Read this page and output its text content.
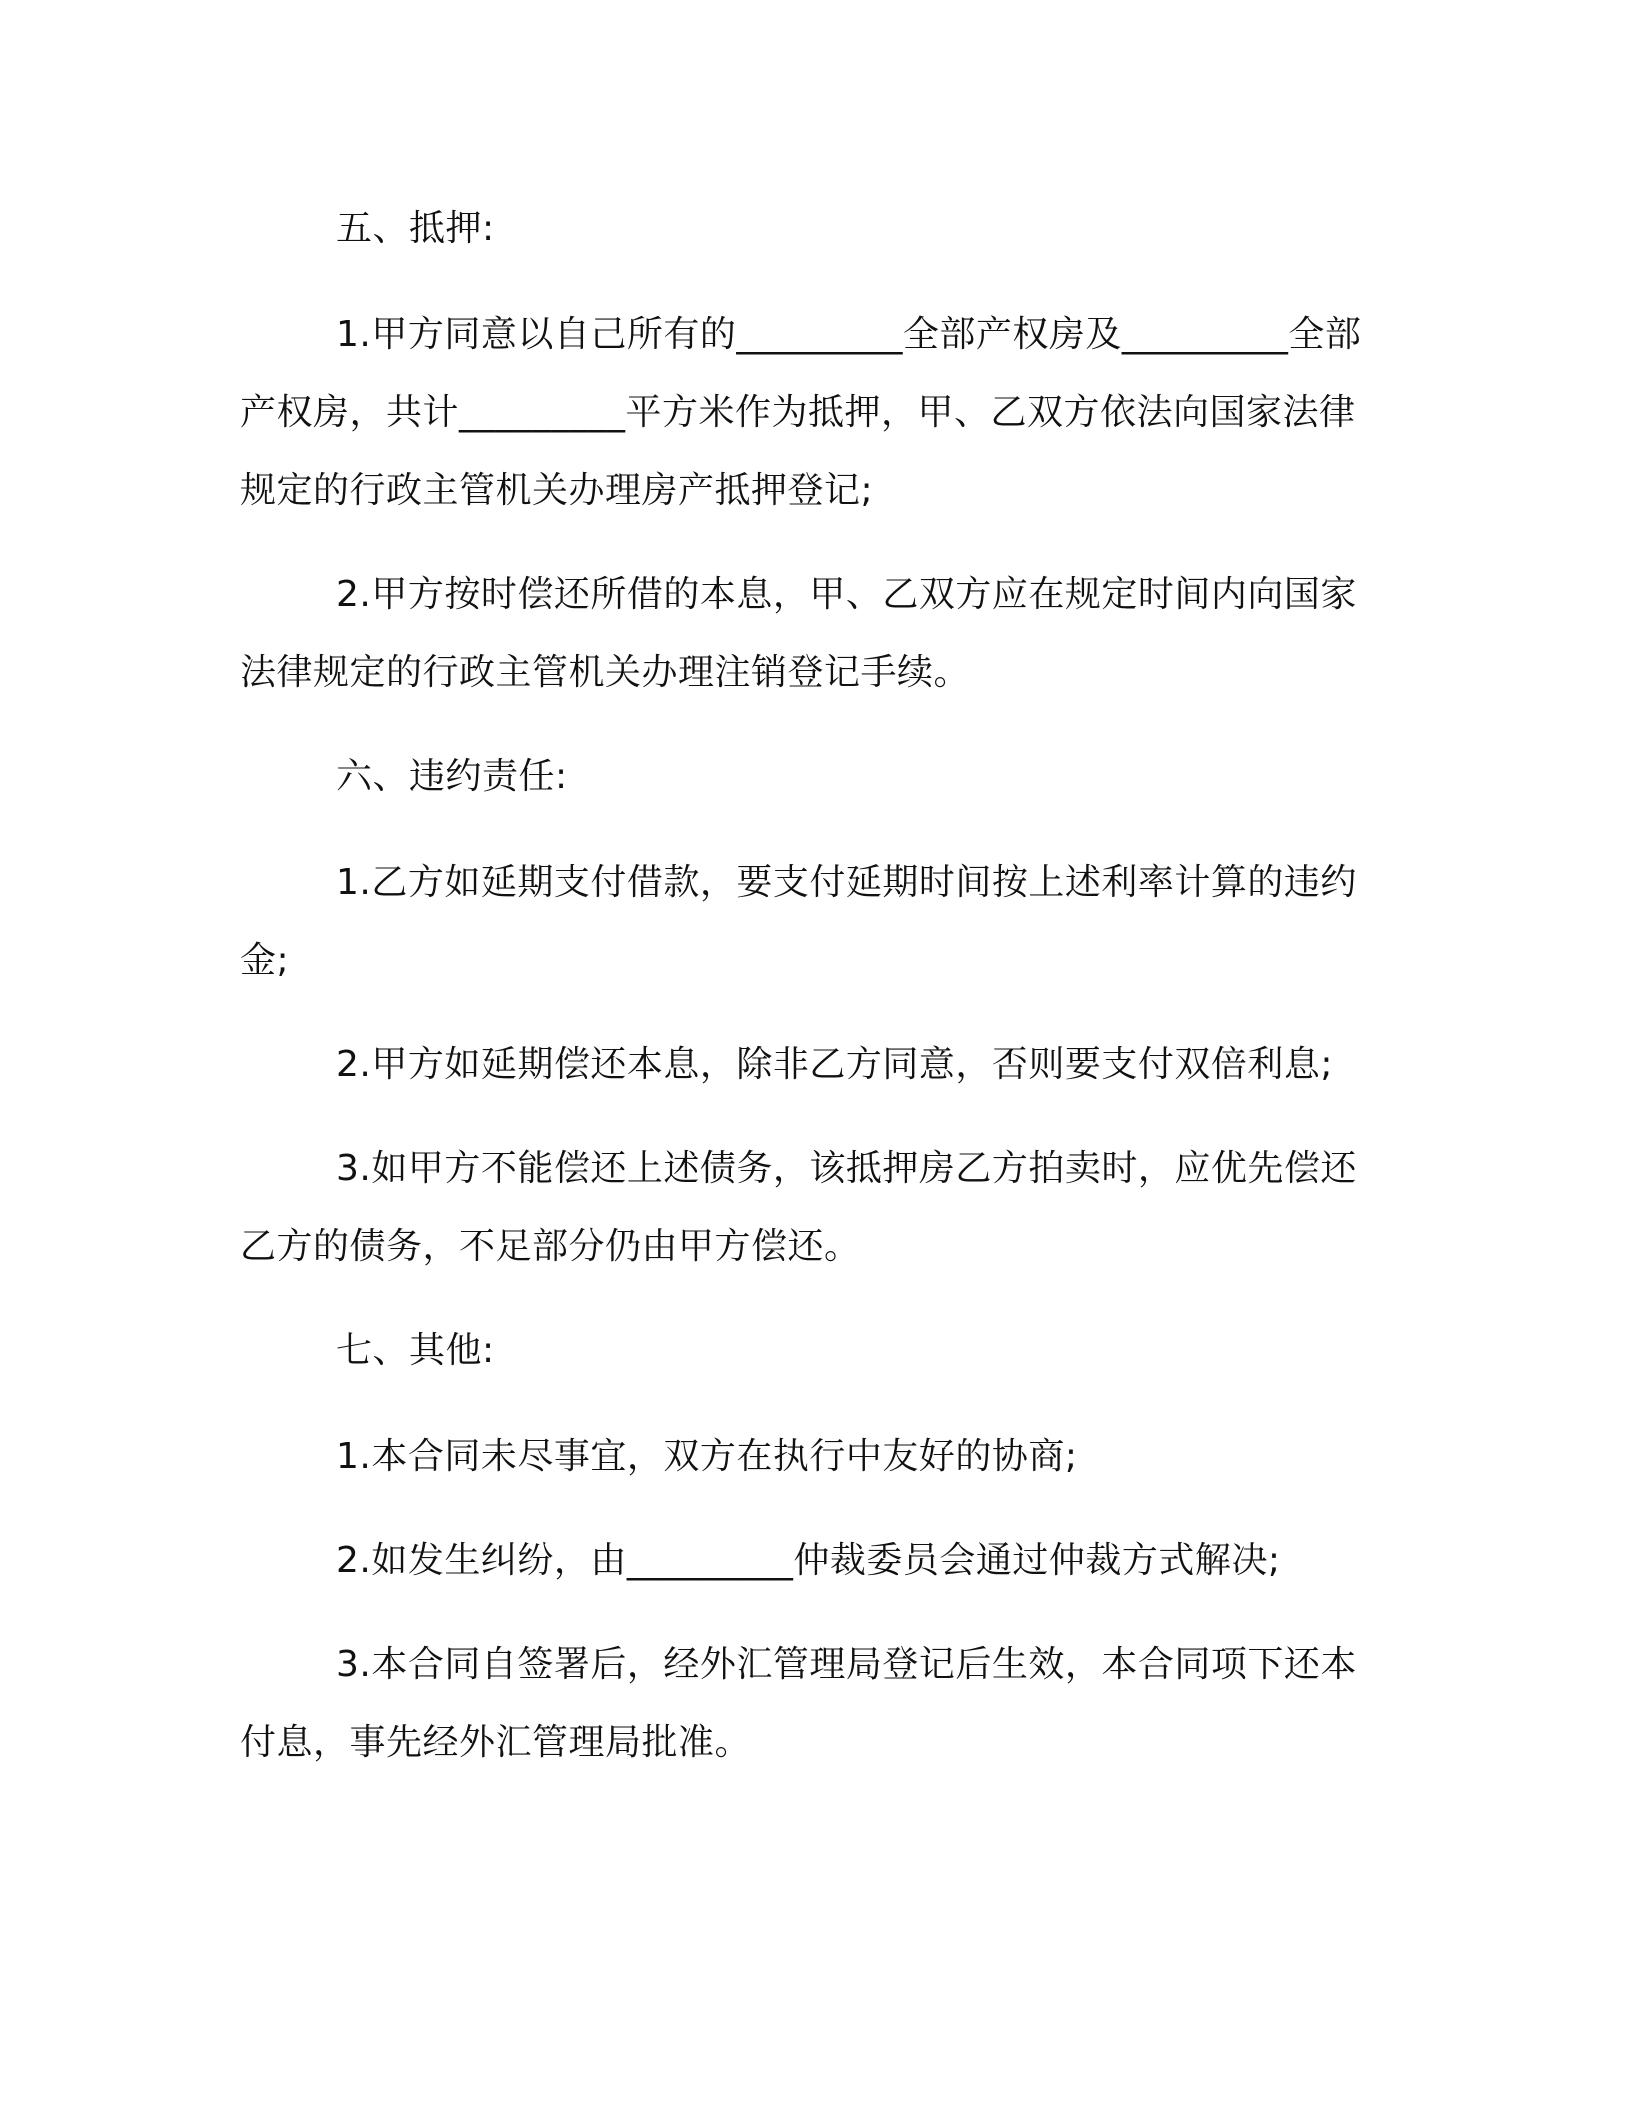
五、抵押:

1.甲方同意以自己所有的_________全部产权房及_________全部产权房，共计_________平方米作为抵押，甲、乙双方依法向国家法律规定的行政主管机关办理房产抵押登记;

2.甲方按时偿还所借的本息，甲、乙双方应在规定时间内向国家法律规定的行政主管机关办理注销登记手续。

六、违约责任:

1.乙方如延期支付借款，要支付延期时间按上述利率计算的违约金;

2.甲方如延期偿还本息，除非乙方同意，否则要支付双倍利息;

3.如甲方不能偿还上述债务，该抵押房乙方拍卖时，应优先偿还乙方的债务，不足部分仍由甲方偿还。

七、其他:

1.本合同未尽事宜，双方在执行中友好的协商;

2.如发生纠纷，由_________仲裁委员会通过仲裁方式解决;

3.本合同自签署后，经外汇管理局登记后生效，本合同项下还本付息，事先经外汇管理局批准。
